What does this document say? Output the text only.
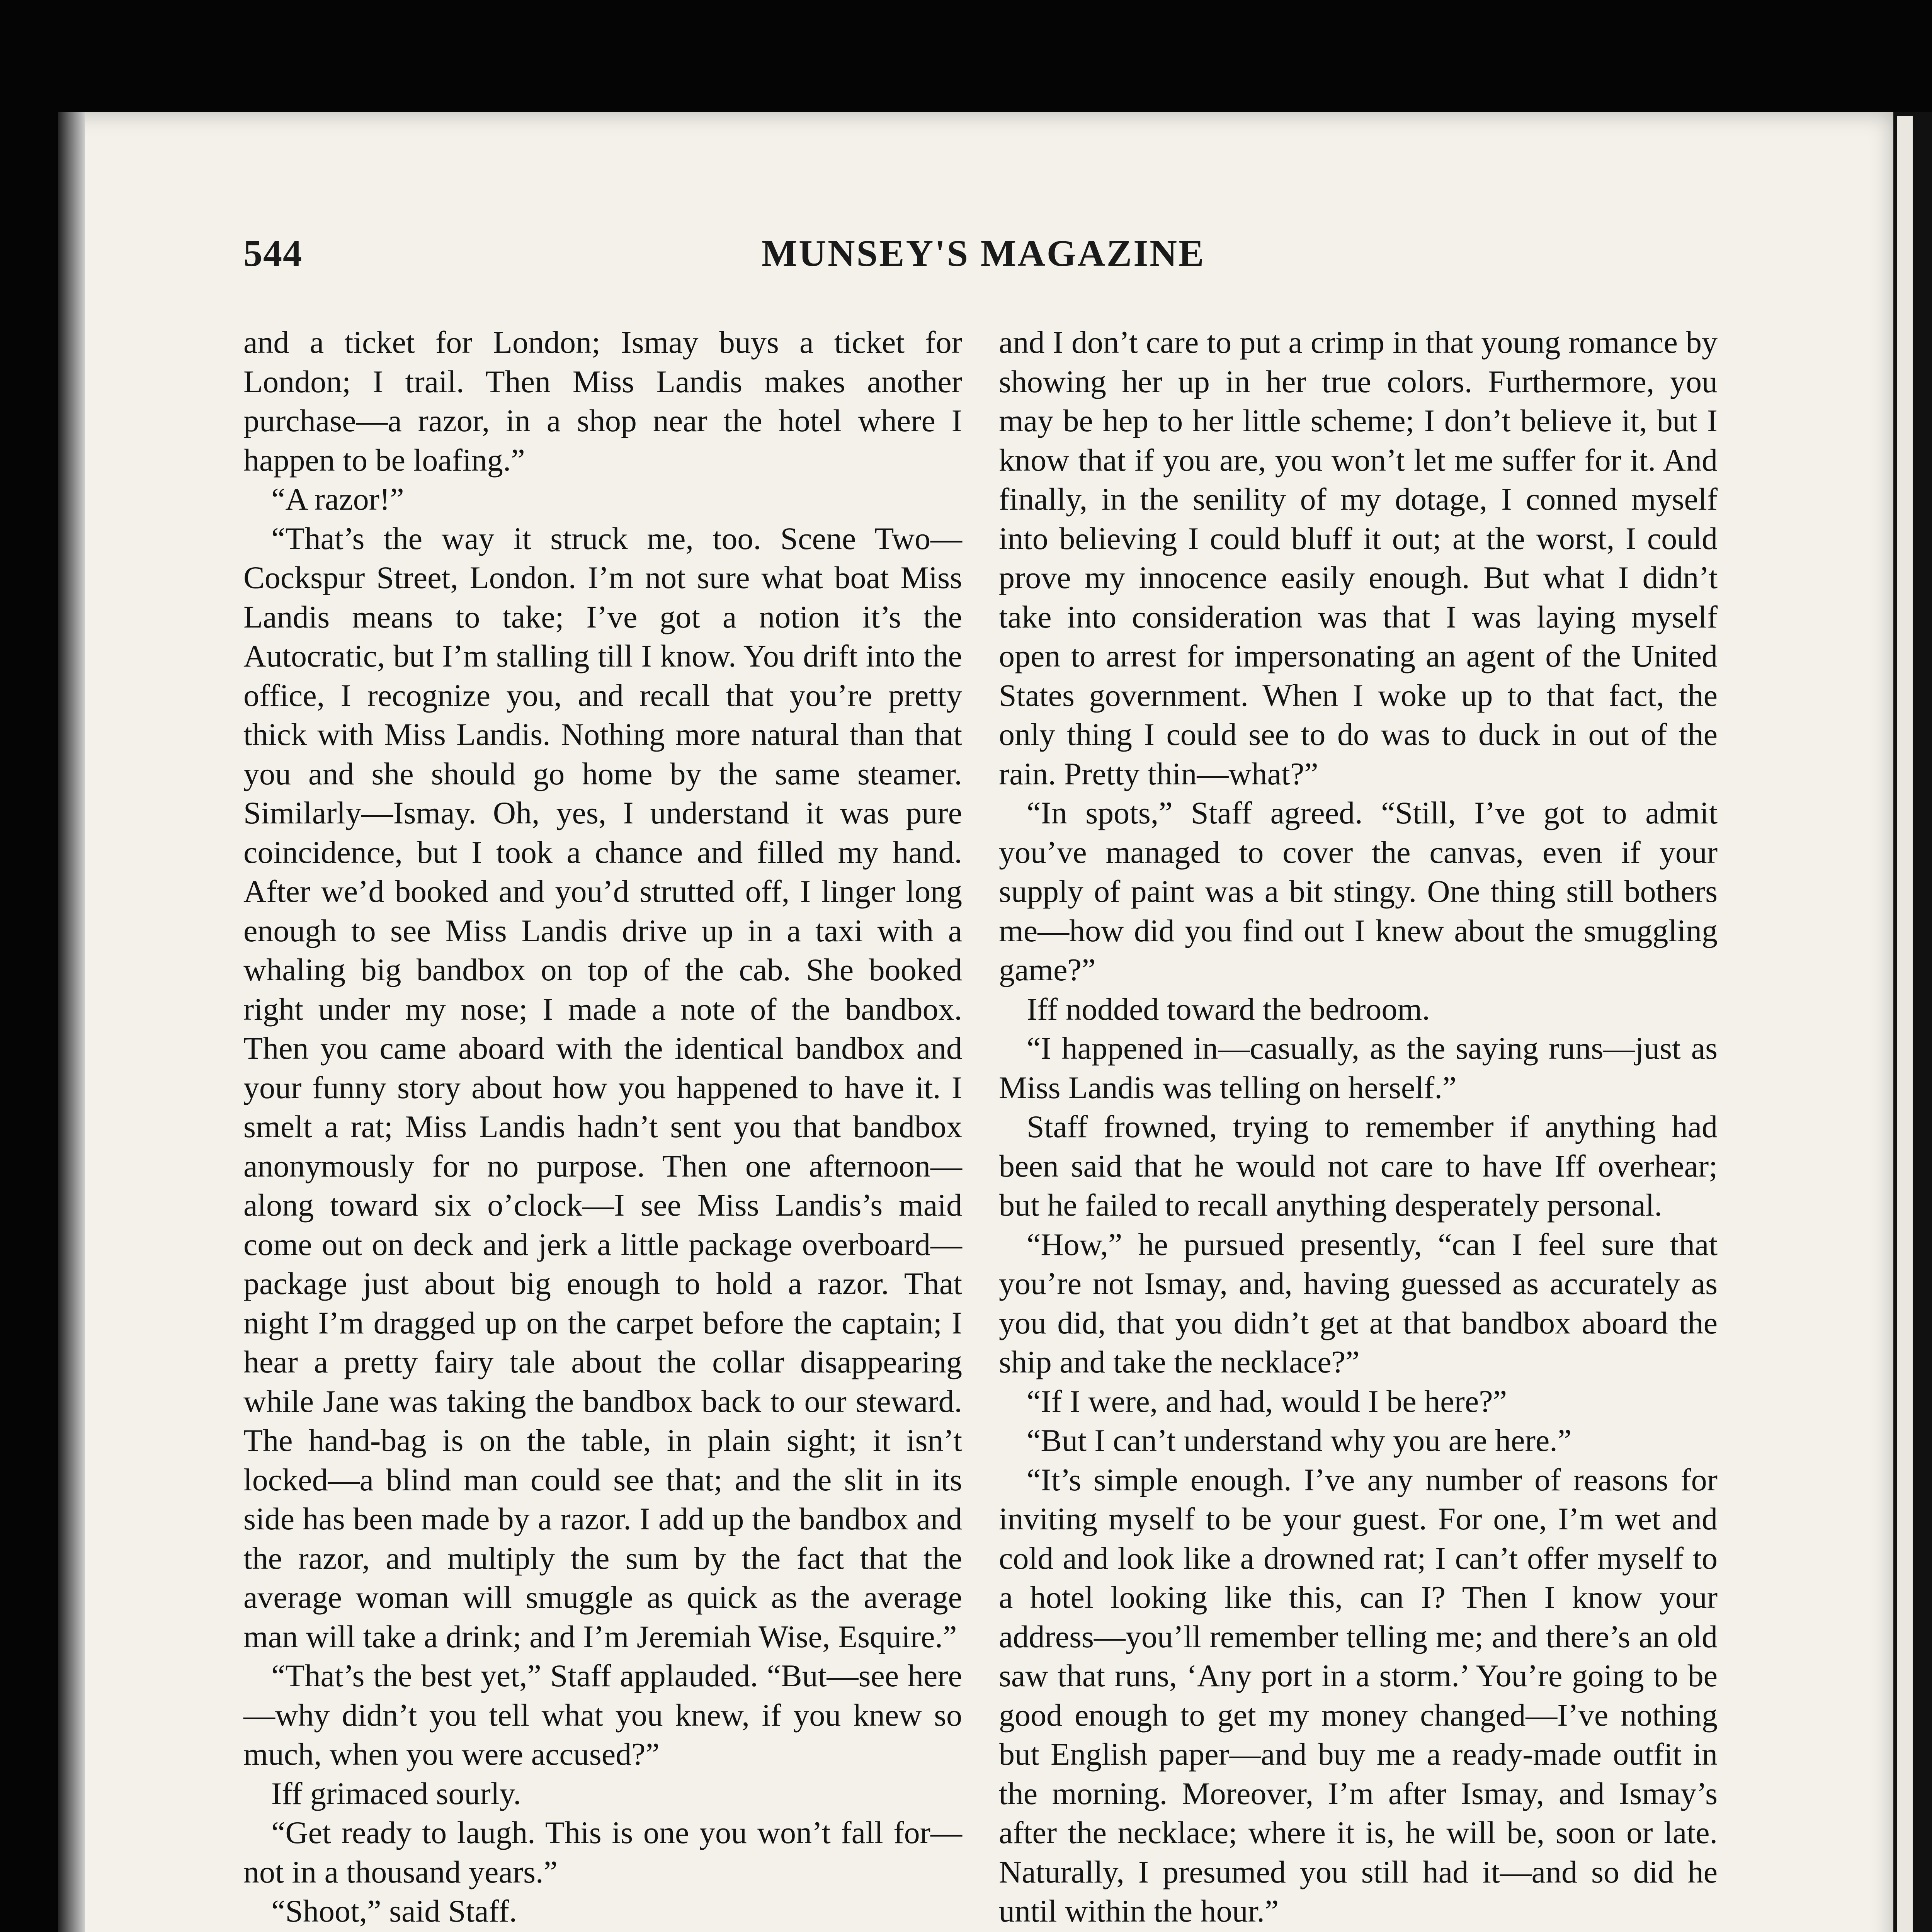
544	MUNSEY'S MAGAZINE

and a ticket for London; Ismay buys a ticket for London; I trail. Then Miss Landis makes another purchase—a razor, in a shop near the hotel where I happen to be loafing.”

“A razor!”

“That’s the way it struck me, too. Scene Two—Cockspur Street, London. I’m not sure what boat Miss Landis means to take; I’ve got a notion it’s the Autocratic, but I’m stalling till I know. You drift into the office, I recognize you, and recall that you’re pretty thick with Miss Landis. Nothing more natural than that you and she should go home by the same steamer. Similarly—Ismay. Oh, yes, I understand it was pure coincidence, but I took a chance and filled my hand. After we’d booked and you’d strutted off, I linger long enough to see Miss Landis drive up in a taxi with a whaling big bandbox on top of the cab. She booked right under my nose; I made a note of the bandbox. Then you came aboard with the identical bandbox and your funny story about how you happened to have it. I smelt a rat; Miss Landis hadn’t sent you that bandbox anonymously for no purpose. Then one afternoon—along toward six o’clock—I see Miss Landis’s maid come out on deck and jerk a little package overboard—package just about big enough to hold a razor. That night I’m dragged up on the carpet before the captain; I hear a pretty fairy tale about the collar disappearing while Jane was taking the bandbox back to our steward. The hand-bag is on the table, in plain sight; it isn’t locked—a blind man could see that; and the slit in its side has been made by a razor. I add up the bandbox and the razor, and multiply the sum by the fact that the average woman will smuggle as quick as the average man will take a drink; and I’m Jeremiah Wise, Esquire.”

“That’s the best yet,” Staff applauded. “But—see here—why didn’t you tell what you knew, if you knew so much, when you were accused?”

Iff grimaced sourly.

“Get ready to laugh. This is one you won’t fall for—not in a thousand years.”

“Shoot,” said Staff.

and I don’t care to put a crimp in that young romance by showing her up in her true colors. Furthermore, you may be hep to her little scheme; I don’t believe it, but I know that if you are, you won’t let me suffer for it. And finally, in the senility of my dotage, I conned myself into believing I could bluff it out; at the worst, I could prove my innocence easily enough. But what I didn’t take into consideration was that I was laying myself open to arrest for impersonating an agent of the United States government. When I woke up to that fact, the only thing I could see to do was to duck in out of the rain. Pretty thin—what?”

“In spots,” Staff agreed. “Still, I’ve got to admit you’ve managed to cover the canvas, even if your supply of paint was a bit stingy. One thing still bothers me—how did you find out I knew about the smuggling game?”

Iff nodded toward the bedroom.

“I happened in—casually, as the saying runs—just as Miss Landis was telling on herself.”

Staff frowned, trying to remember if anything had been said that he would not care to have Iff overhear; but he failed to recall anything desperately personal.

“How,” he pursued presently, “can I feel sure that you’re not Ismay, and, having guessed as accurately as you did, that you didn’t get at that bandbox aboard the ship and take the necklace?”

“If I were, and had, would I be here?”

“But I can’t understand why you are here.”

“It’s simple enough. I’ve any number of reasons for inviting myself to be your guest. For one, I’m wet and cold and look like a drowned rat; I can’t offer myself to a hotel looking like this, can I? Then I know your address—you’ll remember telling me; and there’s an old saw that runs, ‘Any port in a storm.’ You’re going to be good enough to get my money changed—I’ve nothing but English paper—and buy me a ready-made outfit in the morning. Moreover, I’m after Ismay, and Ismay’s after the necklace; where it is, he will be, soon or late. Naturally, I presumed you still had it—and so did he until within the hour.”
